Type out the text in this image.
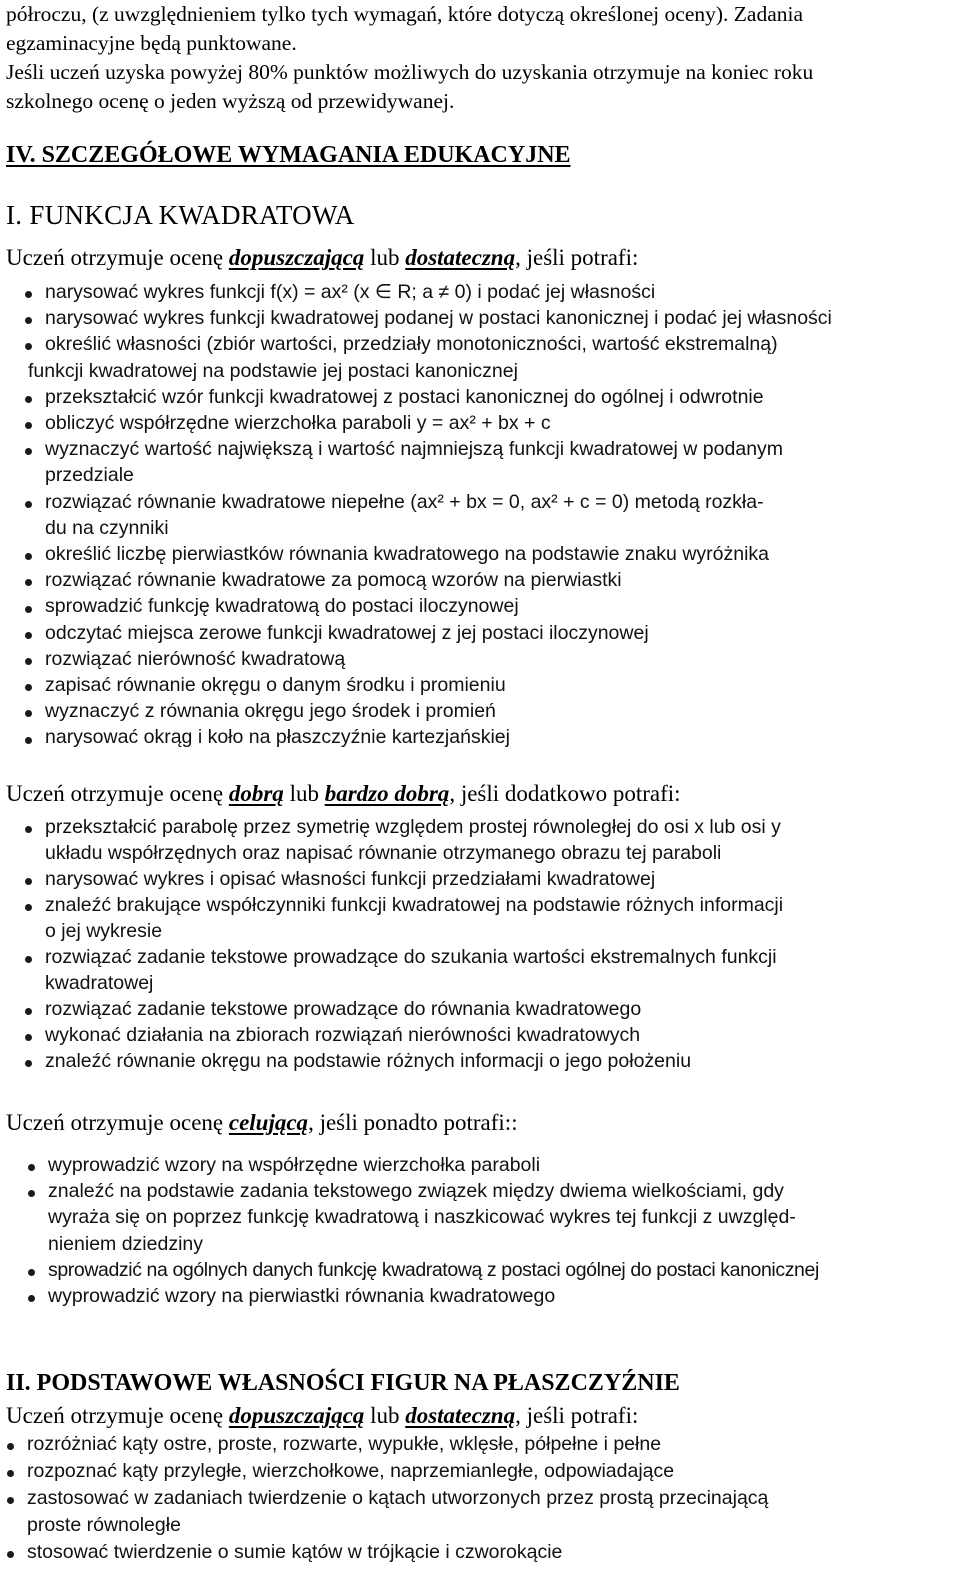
półroczu, (z uwzględnieniem tylko tych wymagań, które dotyczą określonej oceny). Zadania

egzaminacyjne będą punktowane.

Jeśli uczeń uzyska powyżej 80% punktów możliwych do uzyskania otrzymuje na koniec roku

szkolnego ocenę o jeden wyższą od przewidywanej.

IV. SZCZEGÓŁOWE WYMAGANIA EDUKACYJNE
I. FUNKCJA KWADRATOWA
Uczeń otrzymuje ocenę dopuszczającą lub dostateczną, jeśli potrafi:
narysować wykres funkcji f(x) = ax² (x ∈ R; a ≠ 0) i podać jej własności
narysować wykres funkcji kwadratowej podanej w postaci kanonicznej i podać jej własności
określić własności (zbiór wartości, przedziały monotoniczności, wartość ekstremalną)
funkcji kwadratowej na podstawie jej postaci kanonicznej
przekształcić wzór funkcji kwadratowej z postaci kanonicznej do ogólnej i odwrotnie
obliczyć współrzędne wierzchołka paraboli y = ax² + bx + c
wyznaczyć wartość największą i wartość najmniejszą funkcji kwadratowej w podanym
przedziale
rozwiązać równanie kwadratowe niepełne (ax² + bx = 0, ax² + c = 0) metodą rozkła-
du na czynniki
określić liczbę pierwiastków równania kwadratowego na podstawie znaku wyróżnika
rozwiązać równanie kwadratowe za pomocą wzorów na pierwiastki
sprowadzić funkcję kwadratową do postaci iloczynowej
odczytać miejsca zerowe funkcji kwadratowej z jej postaci iloczynowej
rozwiązać nierówność kwadratową
zapisać równanie okręgu o danym środku i promieniu
wyznaczyć z równania okręgu jego środek i promień
narysować okrąg i koło na płaszczyźnie kartezjańskiej
Uczeń otrzymuje ocenę dobrą lub bardzo dobrą, jeśli dodatkowo potrafi:
przekształcić parabolę przez symetrię względem prostej równoległej do osi x lub osi y
układu współrzędnych oraz napisać równanie otrzymanego obrazu tej paraboli
narysować wykres i opisać własności funkcji przedziałami kwadratowej
znaleźć brakujące współczynniki funkcji kwadratowej na podstawie różnych informacji
o jej wykresie
rozwiązać zadanie tekstowe prowadzące do szukania wartości ekstremalnych funkcji
kwadratowej
rozwiązać zadanie tekstowe prowadzące do równania kwadratowego
wykonać działania na zbiorach rozwiązań nierówności kwadratowych
znaleźć równanie okręgu na podstawie różnych informacji o jego położeniu
Uczeń otrzymuje ocenę celującą, jeśli ponadto potrafi::
wyprowadzić wzory na współrzędne wierzchołka paraboli
znaleźć na podstawie zadania tekstowego związek między dwiema wielkościami, gdy
wyraża się on poprzez funkcję kwadratową i naszkicować wykres tej funkcji z uwzględ-
nieniem dziedziny
sprowadzić na ogólnych danych funkcję kwadratową z postaci ogólnej do postaci kanonicznej
wyprowadzić wzory na pierwiastki równania kwadratowego
II. PODSTAWOWE WŁASNOŚCI FIGUR NA PŁASZCZYŹNIE
Uczeń otrzymuje ocenę dopuszczającą lub dostateczną, jeśli potrafi:
rozróżniać kąty ostre, proste, rozwarte, wypukłe, wklęsłe, półpełne i pełne
rozpoznać kąty przyległe, wierzchołkowe, naprzemianległe, odpowiadające
zastosować w zadaniach twierdzenie o kątach utworzonych przez prostą przecinającą
proste równoległe
stosować twierdzenie o sumie kątów w trójkącie i czworokącie
